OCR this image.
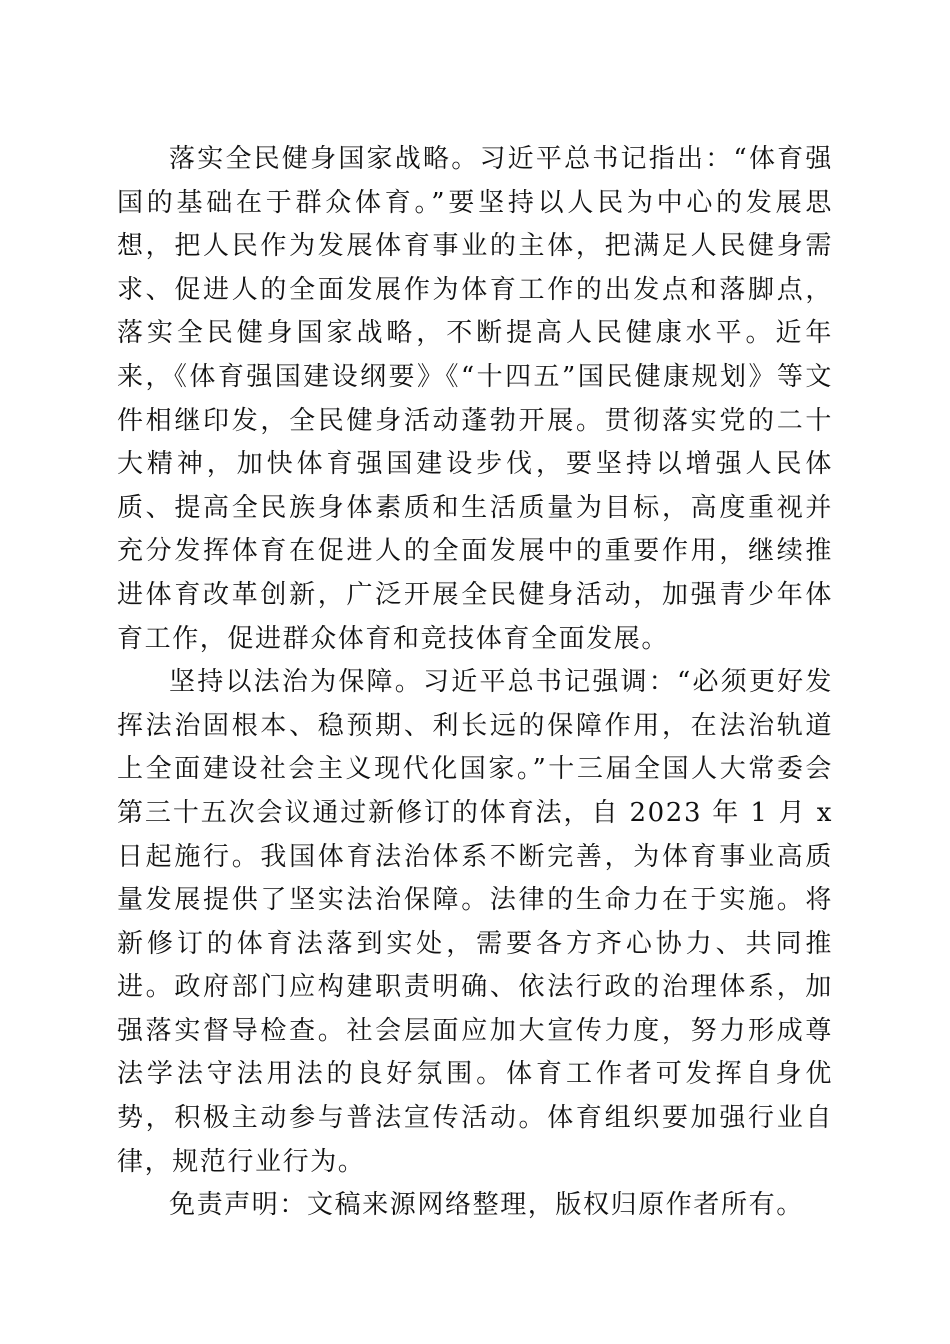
落实全民健身国家战略。习近平总书记指出：“体育强国的基础在于群众体育。”要坚持以人民为中心的发展思想，把人民作为发展体育事业的主体，把满足人民健身需求、促进人的全面发展作为体育工作的出发点和落脚点，落实全民健身国家战略，不断提高人民健康水平。近年来，《体育强国建设纲要》《“十四五”国民健康规划》等文件相继印发，全民健身活动蓬勃开展。贯彻落实党的二十大精神，加快体育强国建设步伐，要坚持以增强人民体质、提高全民族身体素质和生活质量为目标，高度重视并充分发挥体育在促进人的全面发展中的重要作用，继续推进体育改革创新，广泛开展全民健身活动，加强青少年体育工作，促进群众体育和竞技体育全面发展。

坚持以法治为保障。习近平总书记强调：“必须更好发挥法治固根本、稳预期、利长远的保障作用，在法治轨道上全面建设社会主义现代化国家。”十三届全国人大常委会第三十五次会议通过新修订的体育法，自 2023 年 1 月 x 日起施行。我国体育法治体系不断完善，为体育事业高质量发展提供了坚实法治保障。法律的生命力在于实施。将新修订的体育法落到实处，需要各方齐心协力、共同推进。政府部门应构建职责明确、依法行政的治理体系，加强落实督导检查。社会层面应加大宣传力度，努力形成尊法学法守法用法的良好氛围。体育工作者可发挥自身优势，积极主动参与普法宣传活动。体育组织要加强行业自律，规范行业行为。

免责声明：文稿来源网络整理，版权归原作者所有。
